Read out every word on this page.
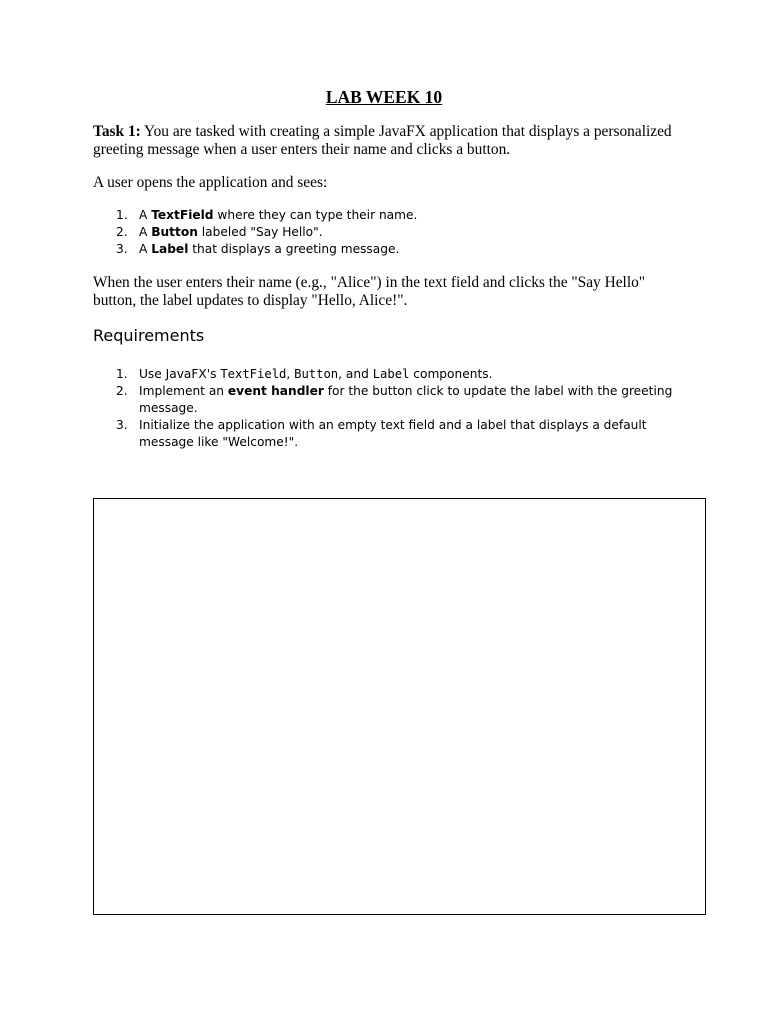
LAB WEEK 10
Task 1: You are tasked with creating a simple JavaFX application that displays a personalized greeting message when a user enters their name and clicks a button.
A user opens the application and sees:
1. A TextField where they can type their name.
2. A Button labeled "Say Hello".
3. A Label that displays a greeting message.
When the user enters their name (e.g., "Alice") in the text field and clicks the "Say Hello" button, the label updates to display "Hello, Alice!".
Requirements
1. Use JavaFX's TextField, Button, and Label components.
2. Implement an event handler for the button click to update the label with the greeting message.
3. Initialize the application with an empty text field and a label that displays a default message like "Welcome!".
